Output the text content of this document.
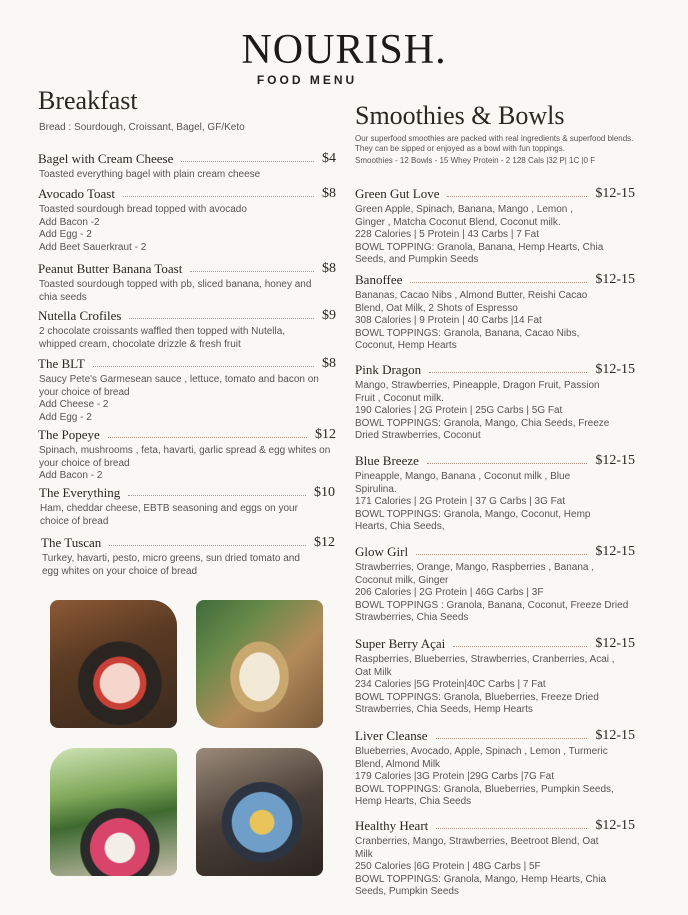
NOURISH.
FOOD MENU
Breakfast
Bread : Sourdough, Croissant, Bagel, GF/Keto
Bagel with Cream Cheese	$4
Toasted everything bagel with plain cream cheese
Avocado Toast	$8
Toasted sourdough bread topped with avocado
Add Bacon -2
Add Egg - 2
Add Beet Sauerkraut - 2
Peanut Butter Banana Toast	$8
Toasted sourdough topped with pb, sliced banana, honey and
chia seeds
Nutella Crofiles	$9
2 chocolate croissants waffled then topped with Nutella,
whipped cream, chocolate drizzle & fresh fruit
The BLT	$8
Saucy Pete's Garmesean sauce , lettuce, tomato and bacon on
your choice of bread
Add Cheese - 2
Add Egg - 2
The Popeye	$12
Spinach, mushrooms , feta, havarti, garlic spread & egg whites on
your choice of bread
Add Bacon - 2
The Everything	$10
Ham, cheddar cheese, EBTB seasoning and eggs on your
choice of bread
The Tuscan	$12
Turkey, havarti, pesto, micro greens, sun dried tomato and
egg whites on your choice of bread
Smoothies & Bowls
Our superfood smoothies are packed with real ingredients & superfood blends. They can be sipped or enjoyed as a bowl with fun toppings.
Smoothies - 12 Bowls - 15 Whey Protein - 2 128 Cals |32 P| 1C |0 F
Green Gut Love	$12-15
Green Apple, Spinach, Banana, Mango , Lemon ,
Ginger , Matcha Coconut Blend, Coconut milk.
228 Calories | 5 Protein | 43 Carbs | 7 Fat
BOWL TOPPING: Granola, Banana, Hemp Hearts, Chia
Seeds, and Pumpkin Seeds
Banoffee	$12-15
Bananas, Cacao Nibs , Almond Butter, Reishi Cacao
Blend, Oat Milk, 2 Shots of Espresso
308 Calories | 9 Protein | 40 Carbs |14 Fat
BOWL TOPPINGS: Granola, Banana, Cacao Nibs,
Coconut, Hemp Hearts
Pink Dragon	$12-15
Mango, Strawberries, Pineapple, Dragon Fruit, Passion
Fruit , Coconut milk.
190 Calories | 2G Protein | 25G Carbs | 5G Fat
BOWL TOPPINGS: Granola, Mango, Chia Seeds, Freeze
Dried Strawberries, Coconut
Blue Breeze	$12-15
Pineapple, Mango, Banana , Coconut milk , Blue
Spirulina.
171 Calories | 2G Protein | 37 G Carbs | 3G Fat
BOWL TOPPINGS: Granola, Mango, Coconut, Hemp
Hearts, Chia Seeds,
Glow Girl	$12-15
Strawberries, Orange, Mango, Raspberries , Banana ,
Coconut milk, Ginger
206 Calories | 2G Protein | 46G Carbs | 3F
BOWL TOPPINGS : Granola, Banana, Coconut, Freeze Dried
Strawberries, Chia Seeds
Super Berry Açai	$12-15
Raspberries, Blueberries, Strawberries, Cranberries, Acai ,
Oat Milk
234 Calories |5G Protein|40C Carbs | 7 Fat
BOWL TOPPINGS: Granola, Blueberries, Freeze Dried
Strawberries, Chia Seeds, Hemp Hearts
Liver Cleanse	$12-15
Blueberries, Avocado, Apple, Spinach , Lemon , Turmeric
Blend, Almond Milk
179 Calories |3G Protein |29G Carbs |7G Fat
BOWL TOPPINGS: Granola, Blueberries, Pumpkin Seeds,
Hemp Hearts, Chia Seeds
Healthy Heart	$12-15
Cranberries, Mango, Strawberries, Beetroot Blend, Oat
Milk
250 Calories |6G Protein | 48G Carbs | 5F
BOWL TOPPINGS: Granola, Mango, Hemp Hearts, Chia
Seeds, Pumpkin Seeds
